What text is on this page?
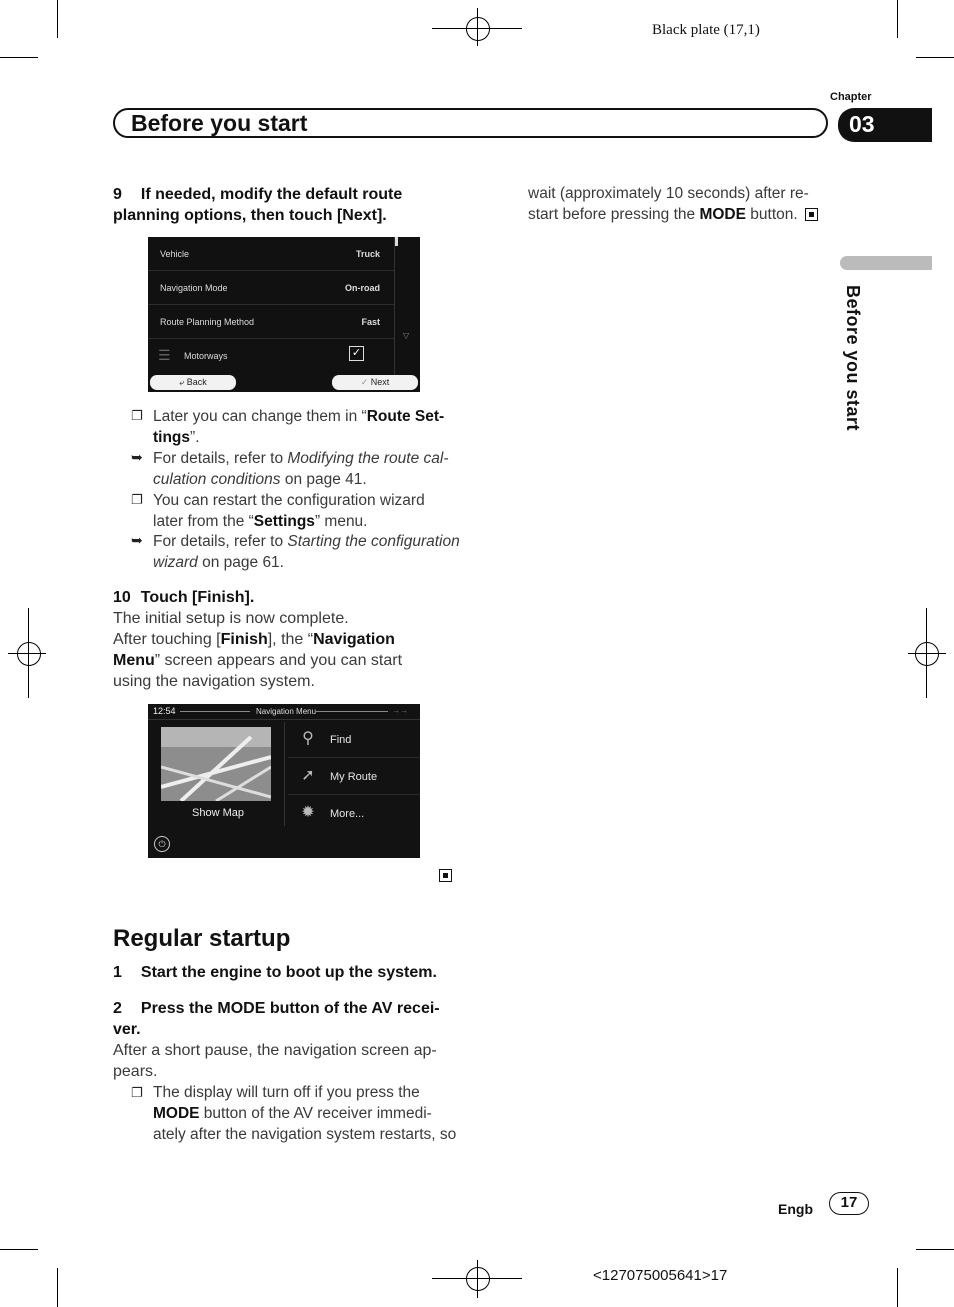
Black plate (17,1)
Chapter
Before you start	03
Before you start
9 If needed, modify the default route
planning options, then touch [Next].
Vehicle	Truck
Navigation Mode	On-road
Route Planning Method	Fast
☰ Motorways	✓
▽
⤶ Back	✓ Next
❐ Later you can change them in “Route Set-
tings”.
➥ For details, refer to Modifying the route cal-
culation conditions on page 41.
❐ You can restart the configuration wizard
later from the “Settings” menu.
➥ For details, refer to Starting the configuration
wizard on page 61.
10 Touch [Finish].
The initial setup is now complete.
After touching [Finish], the “Navigation
Menu” screen appears and you can start
using the navigation system.
12:54	Navigation Menu	→→
Show Map
⚲	Find
➚ My Route
✹ More...
⏻
Regular startup
1 Start the engine to boot up the system.
2 Press the MODE button of the AV recei-
ver.
After a short pause, the navigation screen ap-
pears.
❐ The display will turn off if you press the
MODE button of the AV receiver immedi-
ately after the navigation system restarts, so
wait (approximately 10 seconds) after re-
start before pressing the MODE button.
Engb	17
<127075005641>17
